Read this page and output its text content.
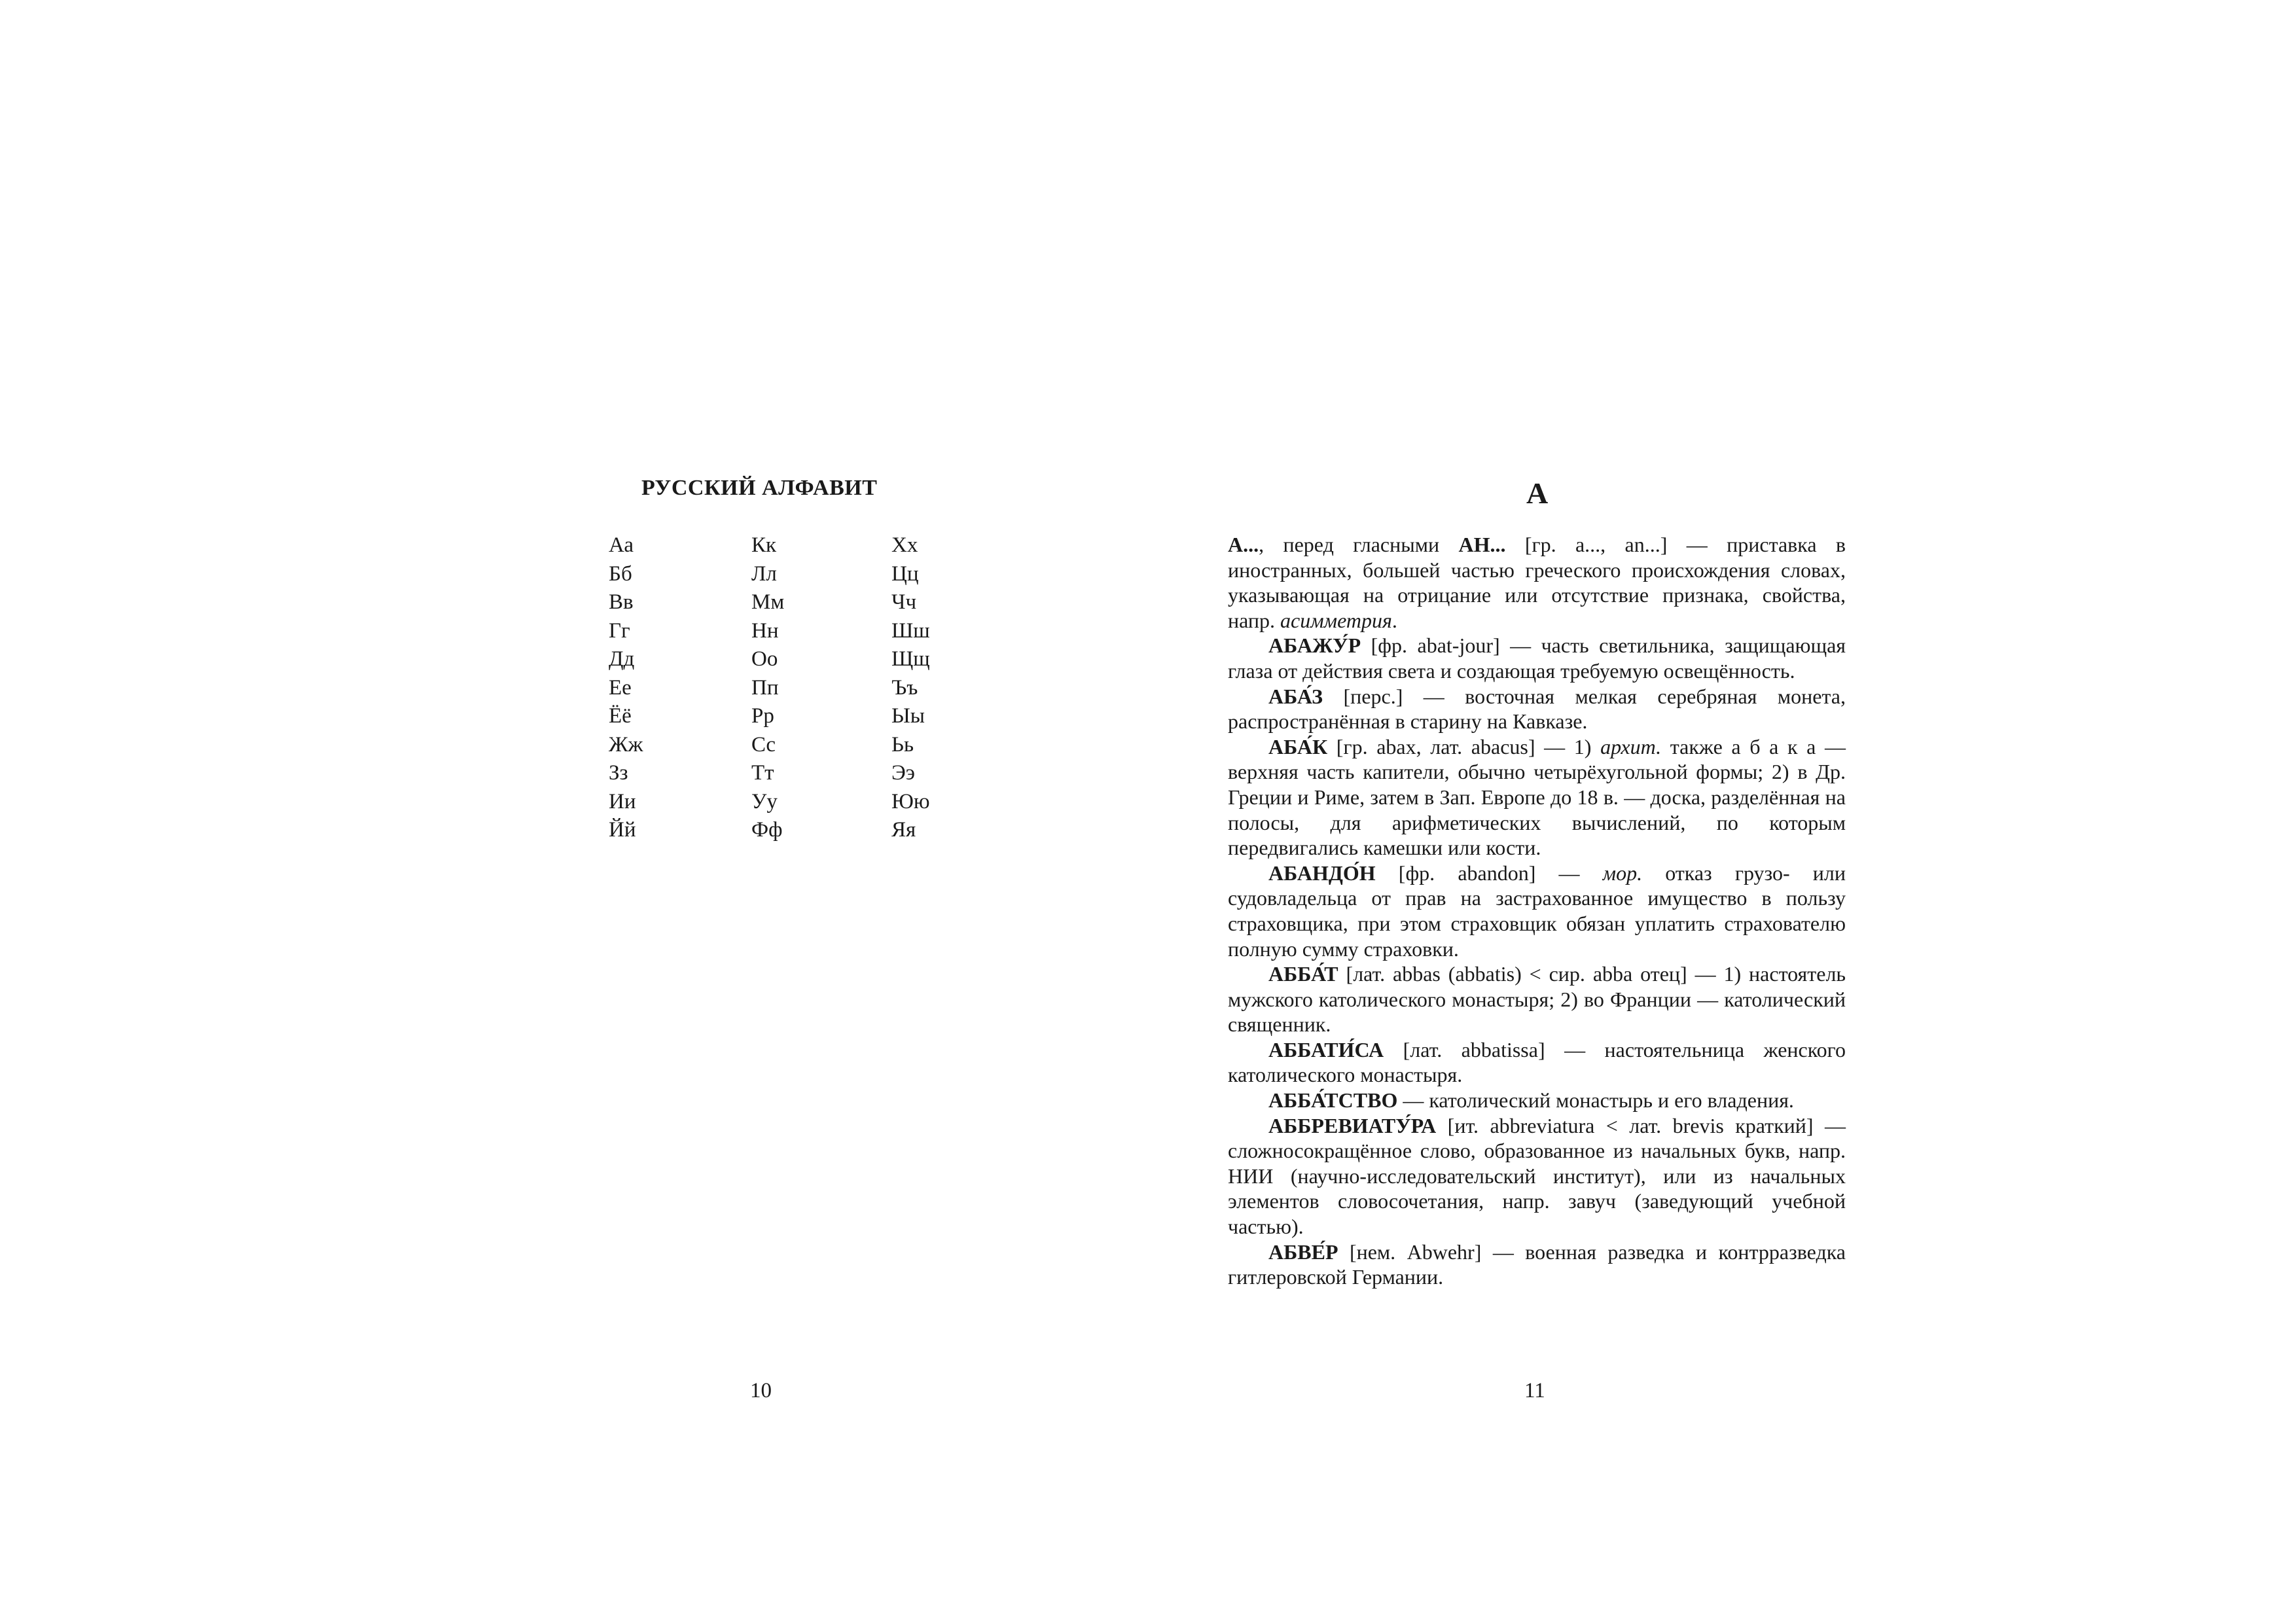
РУССКИЙ АЛФАВИТ
Аа
Бб
Вв
Гг
Дд
Ее
Ёё
Жж
Зз
Ии
Йй
Кк
Лл
Мм
Нн
Оо
Пп
Рр
Сс
Тт
Уу
Фф
Хх
Цц
Чч
Шш
Щщ
Ъъ
Ыы
Ьь
Ээ
Юю
Яя
10
А

А..., перед гласными АН... [гр. a..., an...] — приставка в иностранных, большей частью греческого происхождения словах, указывающая на отрицание или отсутствие признака, свойства, напр. асимметрия.

АБАЖУ́Р [фр. abat-jour] — часть светильника, защищающая глаза от действия света и создающая требуемую освещённость.

АБА́З [перс.] — восточная мелкая серебряная монета, распространённая в старину на Кавказе.

АБА́К [гр. abax, лат. abacus] — 1) архит. также а б а к а — верхняя часть капители, обычно четырёхугольной формы; 2) в Др. Греции и Риме, затем в Зап. Европе до 18 в. — доска, разделённая на полосы, для арифметических вычислений, по которым передвигались камешки или кости.

АБАНДО́Н [фр. abandon] — мор. отказ грузо- или судовладельца от прав на застрахованное имущество в пользу страховщика, при этом страховщик обязан уплатить страхователю полную сумму страховки.

АББА́Т [лат. abbas (abbatis) < сир. abba отец] — 1) настоятель мужского католического монастыря; 2) во Франции — католический священник.

АББАТИ́СА [лат. abbatissa] — настоятельница женского католического монастыря.

АББА́ТСТВО — католический монастырь и его владения.

АББРЕВИАТУ́РА [ит. abbreviatura < лат. brevis краткий] — сложносокращённое слово, образованное из начальных букв, напр. НИИ (научно-исследовательский институт), или из начальных элементов словосочетания, напр. завуч (заведующий учебной частью).

АБВЕ́Р [нем. Abwehr] — военная разведка и контрразведка гитлеровской Германии.

11
